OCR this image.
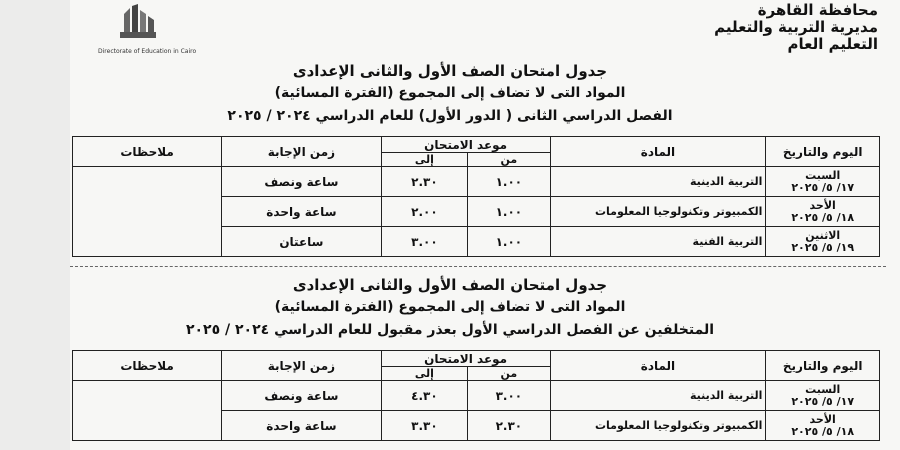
Directorate of Education in Cairo
محافظة القاهرة
مديرية التربية والتعليم
التعليم العام
جدول امتحان الصف الأول والثانى الإعدادى
المواد التى لا تضاف إلى المجموع (الفترة المسائية)
الفصل الدراسي الثانى ( الدور الأول) للعام الدراسي ٢٠٢٤ / ٢٠٢٥
اليوم والتاريخ	المادة	موعد الامتحان		زمن الإجابة	ملاحظات
		من	إلى		

السبت
١٧/ ٥/ ٢٠٢٥	التربية الدينية	١.٠٠	٢.٣٠	ساعة ونصف	

الأحد
١٨/ ٥/ ٢٠٢٥	الكمبيوتر وتكنولوجيا المعلومات	١.٠٠	٢.٠٠	ساعة واحدة	

الاثنين
١٩/ ٥/ ٢٠٢٥	التربية الفنية	١.٠٠	٣.٠٠	ساعتان	
جدول امتحان الصف الأول والثانى الإعدادى
المواد التى لا تضاف إلى المجموع (الفترة المسائية)
المتخلفين عن الفصل الدراسي الأول بعذر مقبول للعام الدراسي ٢٠٢٤ / ٢٠٢٥
اليوم والتاريخ	المادة	موعد الامتحان		زمن الإجابة	ملاحظات
		من	إلى		

السبت
١٧/ ٥/ ٢٠٢٥	التربية الدينية	٣.٠٠	٤.٣٠	ساعة ونصف	

الأحد
١٨/ ٥/ ٢٠٢٥	الكمبيوتر وتكنولوجيا المعلومات	٢.٣٠	٣.٣٠	ساعة واحدة	
